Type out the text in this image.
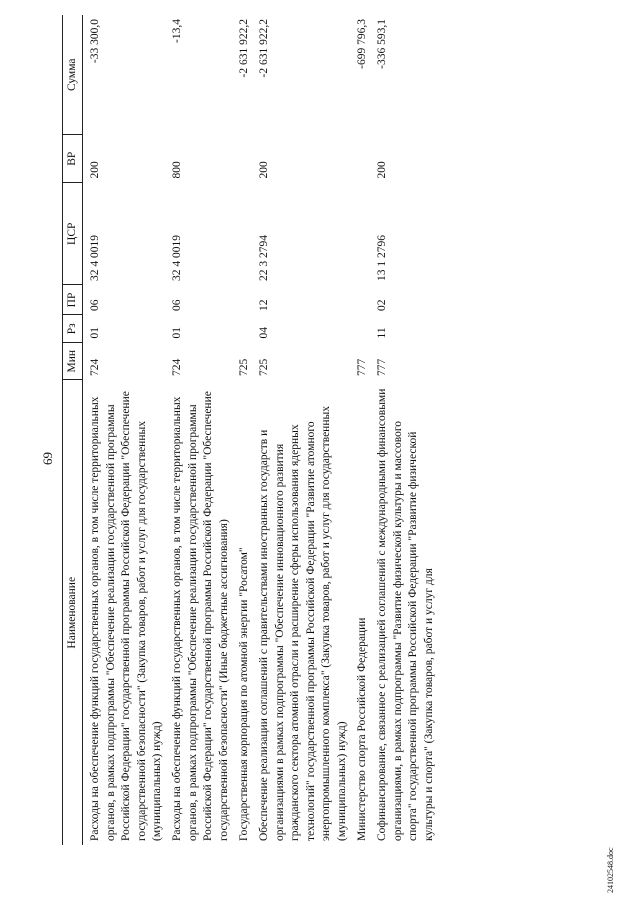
69
Наименование	Мин	Рз	ПР	ЦСР	ВР	Сумма
Расходы на обеспечение функций государственных органов, в том числе территориальных органов, в рамках подпрограммы "Обеспечение реализации государственной программы Российской Федерации" государственной программы Российской Федерации "Обеспечение государственной безопасности" (Закупка товаров, работ и услуг для государственных (муниципальных) нужд)	724	01	06	32 4 0019	200	-33 300,0
Расходы на обеспечение функций государственных органов, в том числе территориальных органов, в рамках подпрограммы "Обеспечение реализации государственной программы Российской Федерации" государственной программы Российской Федерации "Обеспечение государственной безопасности" (Иные бюджетные ассигнования)	724	01	06	32 4 0019	800	-13,4
Государственная корпорация по атомной энергии "Росатом"	725					-2 631 922,2
Обеспечение реализации соглашений с правительствами иностранных государств и организациями в рамках подпрограммы "Обеспечение инновационного развития гражданского сектора атомной отрасли и расширение сферы использования ядерных технологий" государственной программы Российской Федерации "Развитие атомного энергопромышленного комплекса" (Закупка товаров, работ и услуг для государственных (муниципальных) нужд)	725	04	12	22 3 2794	200	-2 631 922,2
Министерство спорта Российской Федерации	777					-699 796,3
Софинансирование, связанное с реализацией соглашений с международными финансовыми организациями, в рамках подпрограммы "Развитие физической культуры и массового спорта" государственной программы Российской Федерации "Развитие физической культуры и спорта" (Закупка товаров, работ и услуг для	777	11	02	13 1 2796	200	-336 593,1
24102548.doc
